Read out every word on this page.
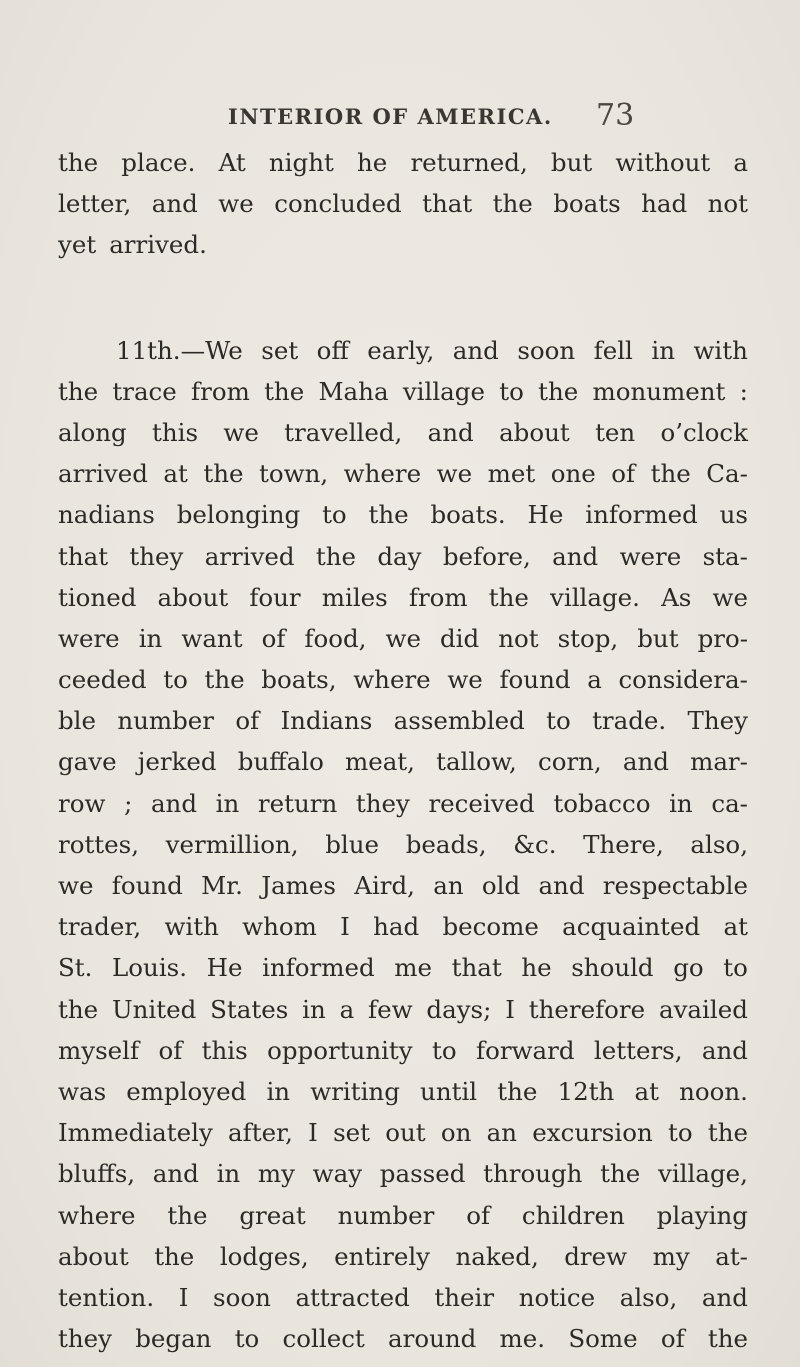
INTERIOR OF AMERICA. 73
the place. At night he returned, but without a
letter, and we concluded that the boats had not
yet arrived.
11th.—We set off early, and soon fell in with
the trace from the Maha village to the monument :
along this we travelled, and about ten o’clock
arrived at the town, where we met one of the Ca-
nadians belonging to the boats. He informed us
that they arrived the day before, and were sta-
tioned about four miles from the village. As we
were in want of food, we did not stop, but pro-
ceeded to the boats, where we found a considera-
ble number of Indians assembled to trade. They
gave jerked buffalo meat, tallow, corn, and mar-
row ; and in return they received tobacco in ca-
rottes, vermillion, blue beads, &c. There, also,
we found Mr. James Aird, an old and respectable
trader, with whom I had become acquainted at
St. Louis. He informed me that he should go to
the United States in a few days; I therefore availed
myself of this opportunity to forward letters, and
was employed in writing until the 12th at noon.
Immediately after, I set out on an excursion to the
bluffs, and in my way passed through the village,
where the great number of children playing
about the lodges, entirely naked, drew my at-
tention. I soon attracted their notice also, and
they began to collect around me. Some of the
